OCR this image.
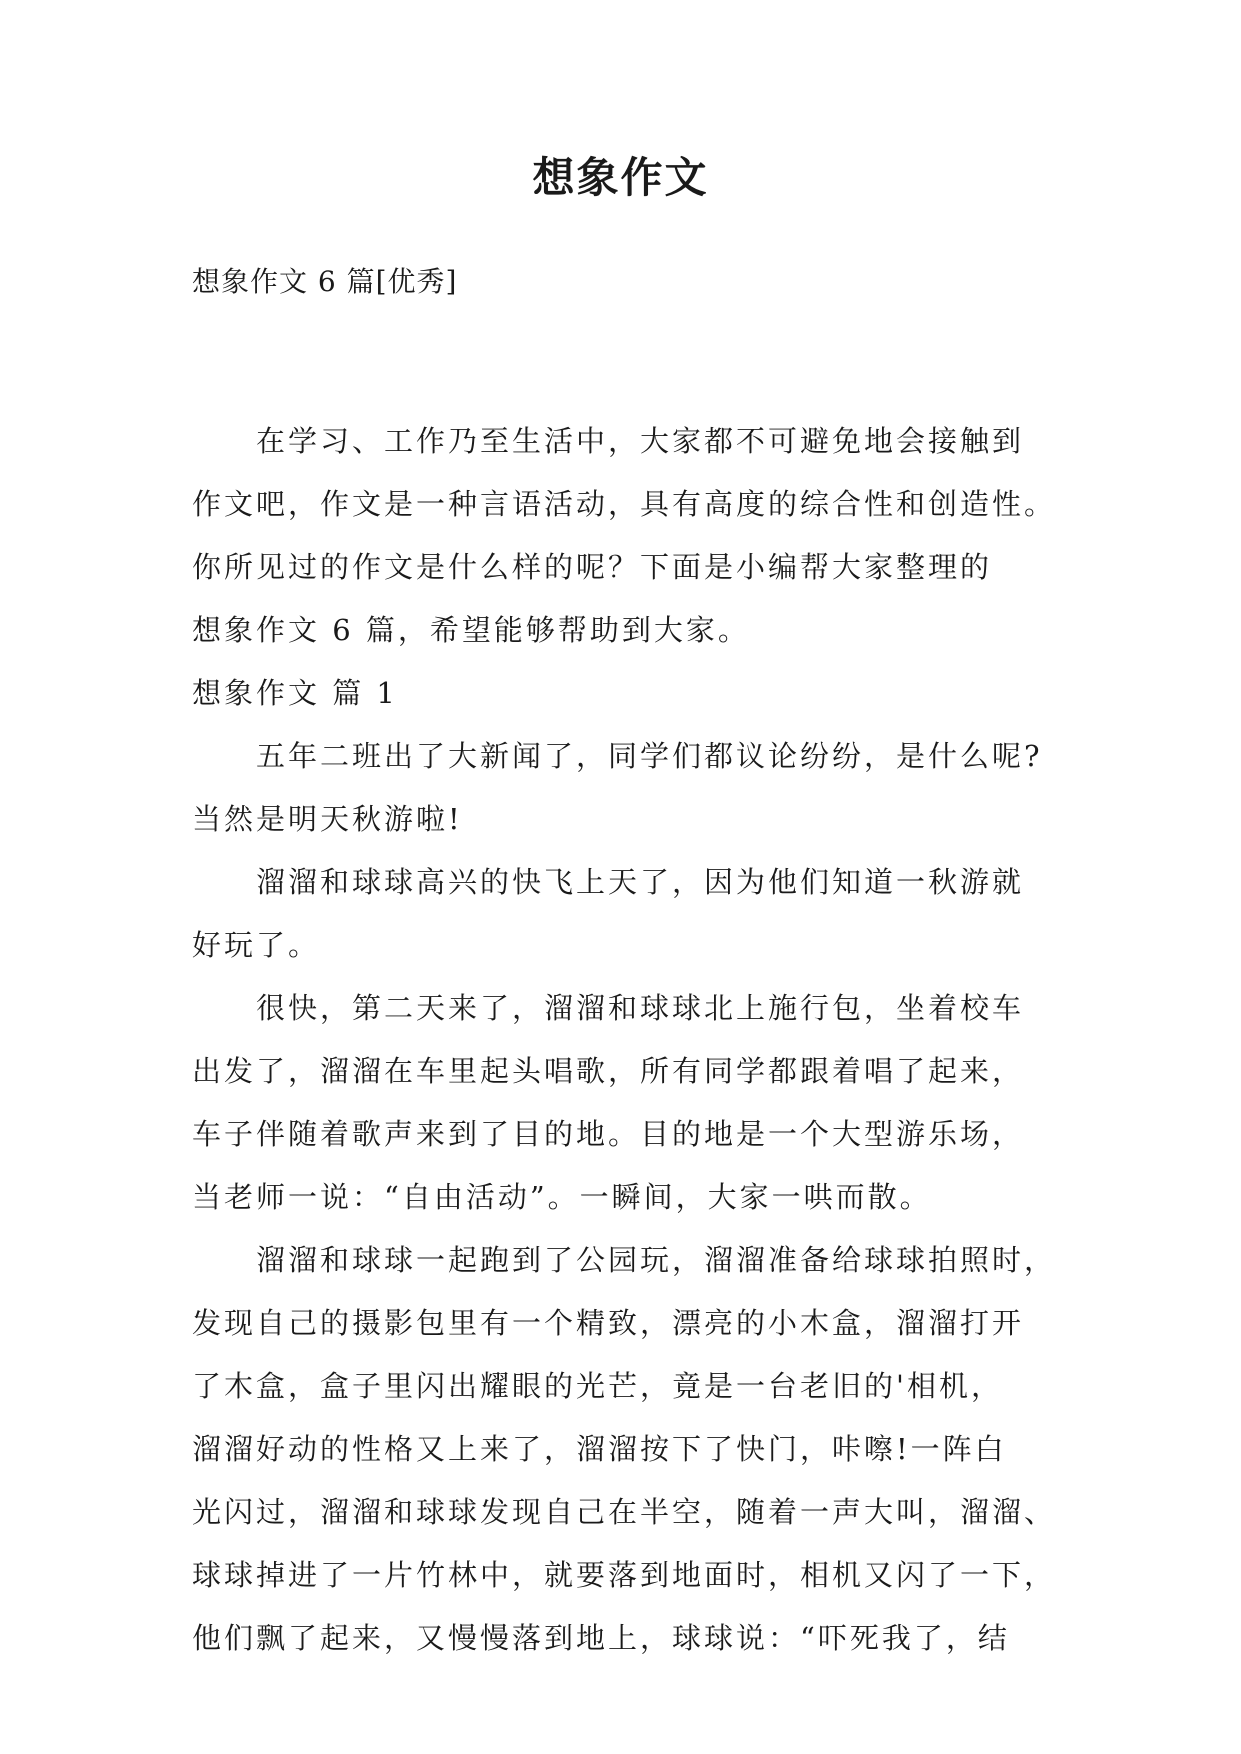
想象作文
想象作文 6 篇[优秀]
在学习、工作乃至生活中，大家都不可避免地会接触到
作文吧，作文是一种言语活动，具有高度的综合性和创造性。
你所见过的作文是什么样的呢？下面是小编帮大家整理的
想象作文 6 篇，希望能够帮助到大家。
想象作文 篇 1
五年二班出了大新闻了，同学们都议论纷纷，是什么呢?
当然是明天秋游啦!
溜溜和球球高兴的快飞上天了，因为他们知道一秋游就
好玩了。
很快，第二天来了，溜溜和球球北上施行包，坐着校车
出发了，溜溜在车里起头唱歌，所有同学都跟着唱了起来，
车子伴随着歌声来到了目的地。目的地是一个大型游乐场，
当老师一说：“自由活动”。一瞬间，大家一哄而散。
溜溜和球球一起跑到了公园玩，溜溜准备给球球拍照时，
发现自己的摄影包里有一个精致，漂亮的小木盒，溜溜打开
了木盒，盒子里闪出耀眼的光芒，竟是一台老旧的'相机，
溜溜好动的性格又上来了，溜溜按下了快门，咔嚓!一阵白
光闪过，溜溜和球球发现自己在半空，随着一声大叫，溜溜、
球球掉进了一片竹林中，就要落到地面时，相机又闪了一下，
他们飘了起来，又慢慢落到地上，球球说：“吓死我了，结
